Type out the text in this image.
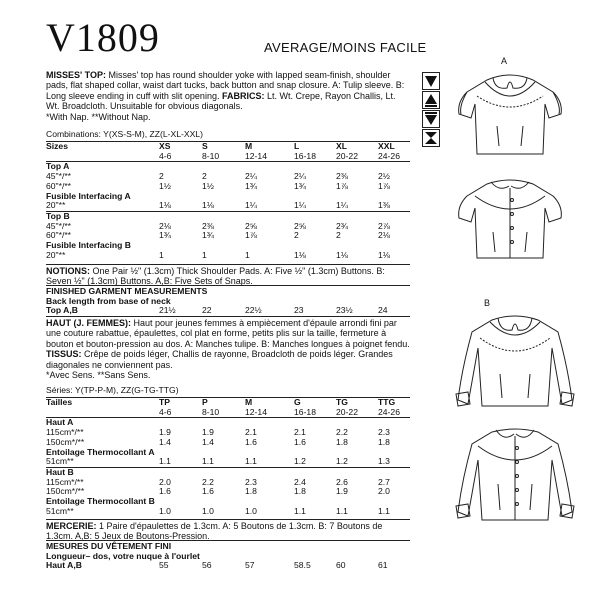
V1809	AVERAGE/MOINS FACILE
MISSES' TOP: Misses' top has round shoulder yoke with lapped seam-finish, shoulder pads, flat shaped collar, waist dart tucks, back button and snap closure. A: Tulip sleeve. B: Long sleeve ending in cuff with slit opening. FABRICS: Lt. Wt. Crepe, Rayon Challis, Lt. Wt. Broadcloth. Unsuitable for obvious diagonals.
*With Nap. **Without Nap.
Combinations: Y(XS-S-M), ZZ(L-XL-XXL)
Sizes	XS	S	M	L	XL	XXL
	4-6	8-10	12-14	16-18	20-22	24-26
Top A						
45"*/**	2	2	2¼	2¼	2⅜	2½
60"*/**	1½	1½	1¾	1¾	1⅞	1⅞
Fusible Interfacing A						
20"**	1⅛	1⅛	1¼	1¼	1¼	1⅜
Top B						
45"*/**	2⅛	2⅜	2⅝	2⅝	2¾	2⅞
60"*/**	1¾	1¾	1⅞	2	2	2⅛
Fusible Interfacing B						
20"**	1	1	1	1⅛	1⅛	1⅛
NOTIONS: One Pair ½" (1.3cm) Thick Shoulder Pads. A: Five ½" (1.3cm) Buttons. B: Seven ½" (1.3cm) Buttons. A,B: Five Sets of Snaps.
FINISHED GARMENT MEASUREMENTS
Back length from base of neck
Top A,B	21½	22	22½	23	23½	24
HAUT (J. FEMMES): Haut pour jeunes femmes à empiècement d'épaule arrondi fini par une couture rabattue, épaulettes, col plat en forme, petits plis sur la taille, fermeture à bouton et bouton-pression au dos. A: Manches tulipe. B: Manches longues à poignet fendu. TISSUS: Crêpe de poids léger, Challis de rayonne, Broadcloth de poids léger. Grandes diagonales ne conviennent pas.
*Avec Sens. **Sans Sens.
Séries: Y(TP-P-M), ZZ(G-TG-TTG)
Tailles	TP	P	M	G	TG	TTG
	4-6	8-10	12-14	16-18	20-22	24-26
Haut A						
115cm*/**	1.9	1.9	2.1	2.1	2.2	2.3
150cm*/**	1.4	1.4	1.6	1.6	1.8	1.8
Entoilage Thermocollant A						
51cm**	1.1	1.1	1.1	1.2	1.2	1.3
Haut B						
115cm*/**	2.0	2.2	2.3	2.4	2.6	2.7
150cm*/**	1.6	1.6	1.8	1.8	1.9	2.0
Entoilage Thermocollant B						
51cm**	1.0	1.0	1.0	1.1	1.1	1.1
MERCERIE: 1 Paire d'épaulettes de 1.3cm. A: 5 Boutons de 1.3cm. B: 7 Boutons de 1.3cm. A,B: 5 Jeux de Boutons-Pression.
MESURES DU VÊTEMENT FINI
Longueur– dos, votre nuque à l'ourlet
Haut A,B	55	56	57	58.5	60	61
A
B
